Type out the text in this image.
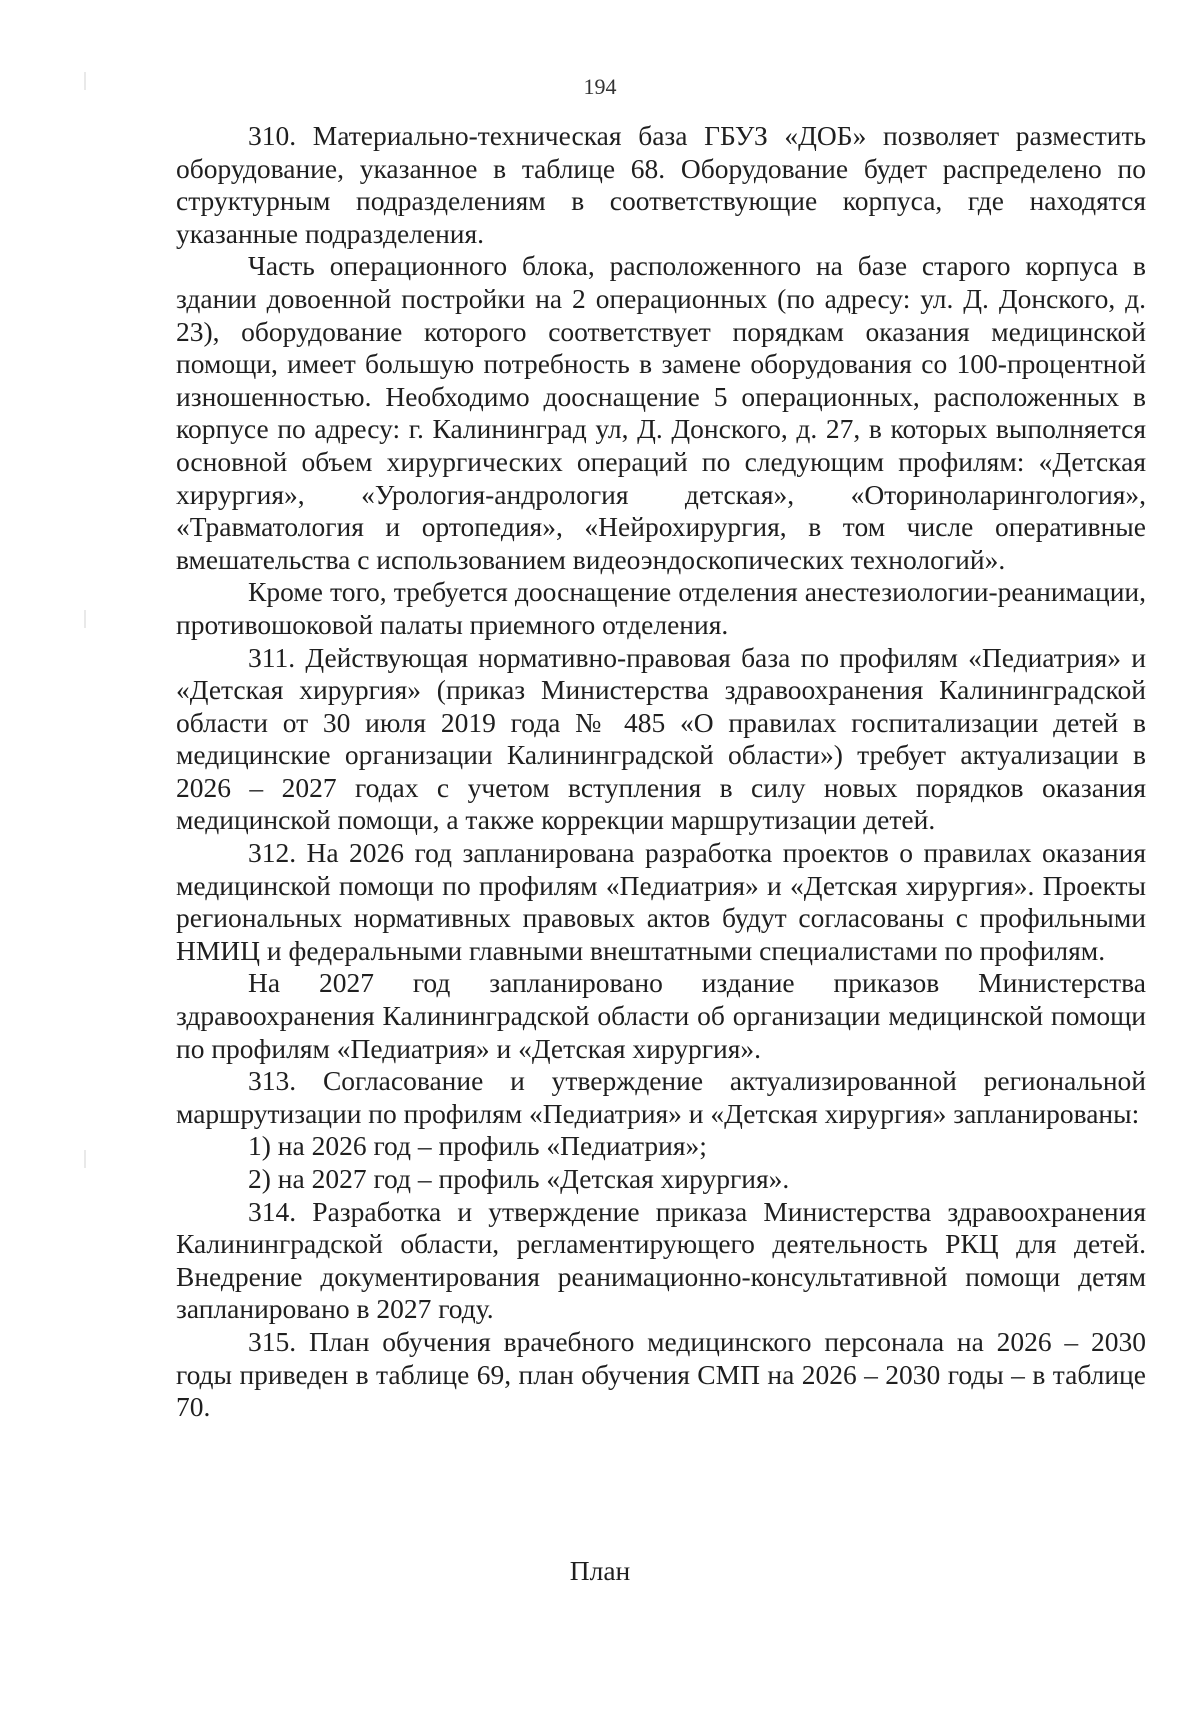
194

310. Материально-техническая база ГБУЗ «ДОБ» позволяет разместить оборудование, указанное в таблице 68. Оборудование будет распределено по структурным подразделениям в соответствующие корпуса, где находятся указанные подразделения.

Часть операционного блока, расположенного на базе старого корпуса в здании довоенной постройки на 2 операционных (по адресу: ул. Д. Донского, д. 23), оборудование которого соответствует порядкам оказания медицинской помощи, имеет большую потребность в замене оборудования со 100-процентной изношенностью. Необходимо дооснащение 5 операционных, расположенных в корпусе по адресу: г. Калининград ул, Д. Донского, д. 27, в которых выполняется основной объем хирургических операций по следующим профилям: «Детская хирургия», «Урология-андрология детская», «Оториноларингология», «Травматология и ортопедия», «Нейрохирургия, в том числе оперативные вмешательства с использованием видеоэндоскопических технологий».

Кроме того, требуется дооснащение отделения анестезиологии-реанимации, противошоковой палаты приемного отделения.

311. Действующая нормативно-правовая база по профилям «Педиатрия» и «Детская хирургия» (приказ Министерства здравоохранения Калининградской области от 30 июля 2019 года № 485 «О правилах госпитализации детей в медицинские организации Калининградской области») требует актуализации в 2026 – 2027 годах с учетом вступления в силу новых порядков оказания медицинской помощи, а также коррекции маршрутизации детей.

312. На 2026 год запланирована разработка проектов о правилах оказания медицинской помощи по профилям «Педиатрия» и «Детская хирургия». Проекты региональных нормативных правовых актов будут согласованы с профильными НМИЦ и федеральными главными внештатными специалистами по профилям.

На 2027 год запланировано издание приказов Министерства здравоохранения Калининградской области об организации медицинской помощи по профилям «Педиатрия» и «Детская хирургия».

313. Согласование и утверждение актуализированной региональной маршрутизации по профилям «Педиатрия» и «Детская хирургия» запланированы:

1) на 2026 год – профиль «Педиатрия»;

2) на 2027 год – профиль «Детская хирургия».

314. Разработка и утверждение приказа Министерства здравоохранения Калининградской области, регламентирующего деятельность РКЦ для детей. Внедрение документирования реанимационно-консультативной помощи детям запланировано в 2027 году.

315. План обучения врачебного медицинского персонала на 2026 – 2030 годы приведен в таблице 69, план обучения СМП на 2026 – 2030 годы – в таблице 70.

План
